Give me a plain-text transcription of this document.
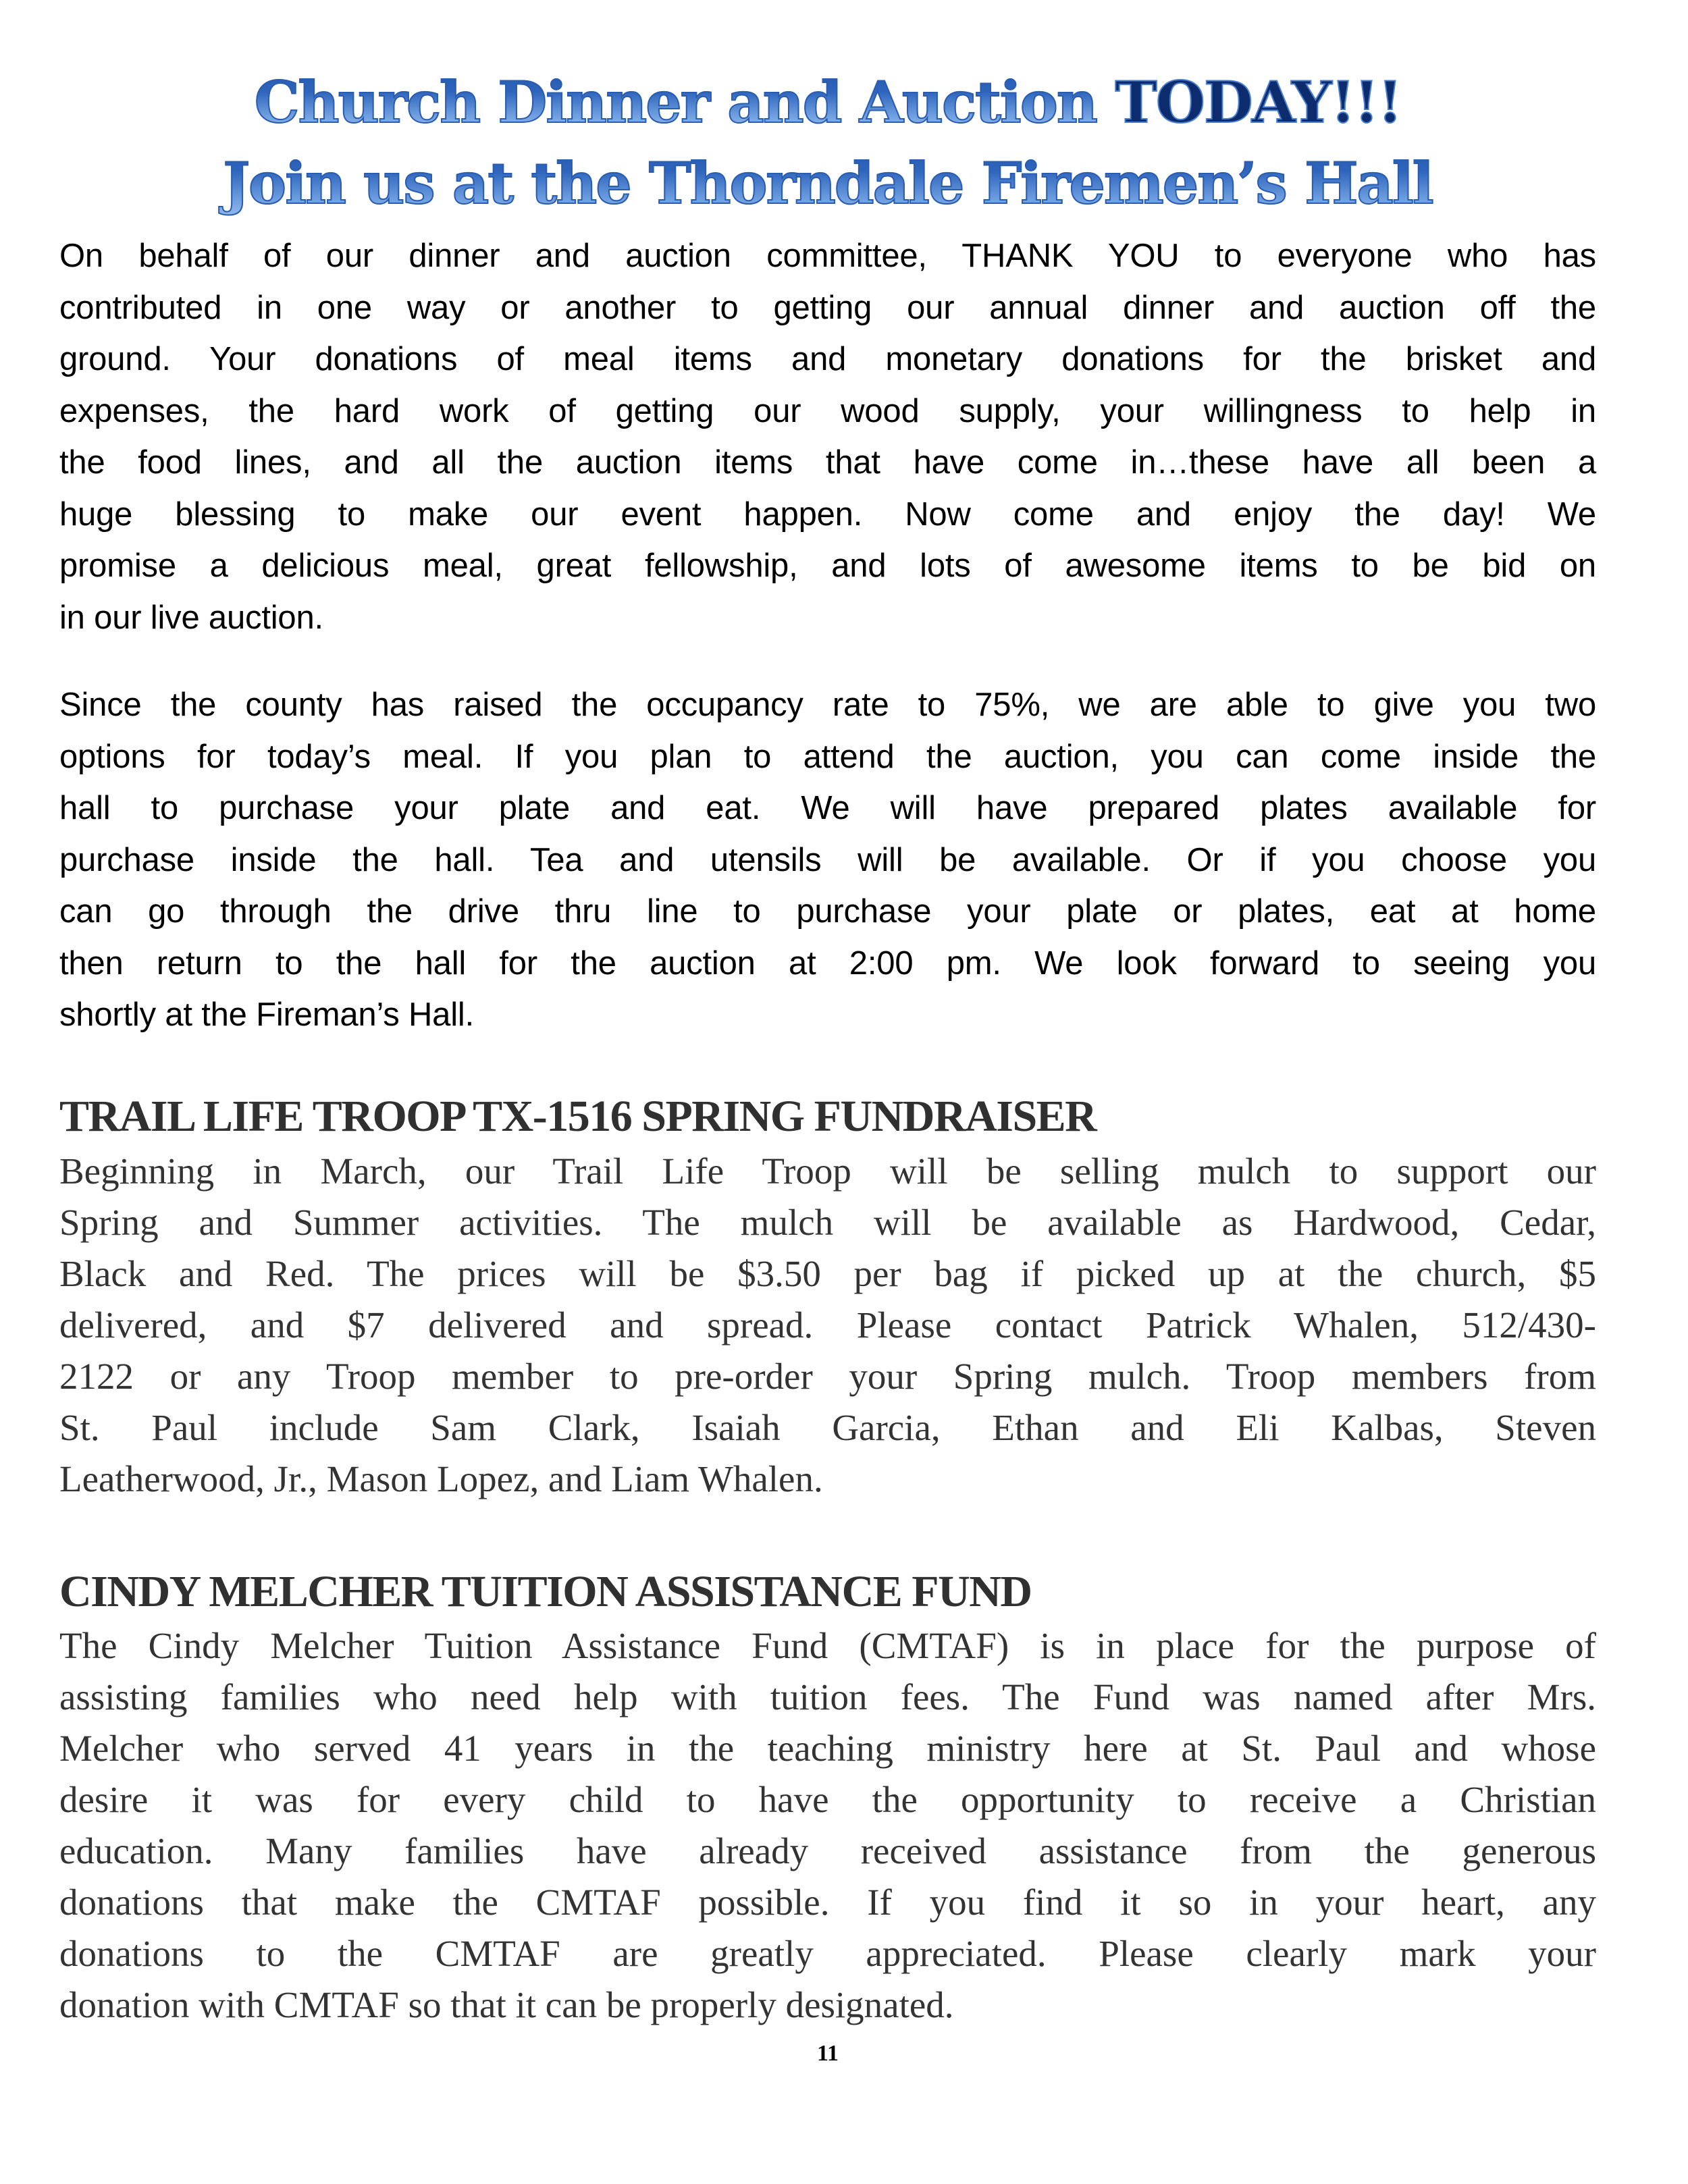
Church Dinner and Auction TODAY!!!
Join us at the Thorndale Firemen’s Hall

On behalf of our dinner and auction committee, THANK YOU to everyone who has
contributed in one way or another to getting our annual dinner and auction off the
ground. Your donations of meal items and monetary donations for the brisket and
expenses, the hard work of getting our wood supply, your willingness to help in
the food lines, and all the auction items that have come in…these have all been a
huge blessing to make our event happen. Now come and enjoy the day! We
promise a delicious meal, great fellowship, and lots of awesome items to be bid on
in our live auction.

Since the county has raised the occupancy rate to 75%, we are able to give you two
options for today’s meal. If you plan to attend the auction, you can come inside the
hall to purchase your plate and eat. We will have prepared plates available for
purchase inside the hall. Tea and utensils will be available. Or if you choose you
can go through the drive thru line to purchase your plate or plates, eat at home
then return to the hall for the auction at 2:00 pm. We look forward to seeing you
shortly at the Fireman’s Hall.

TRAIL LIFE TROOP TX-1516 SPRING FUNDRAISER

Beginning in March, our Trail Life Troop will be selling mulch to support our
Spring and Summer activities. The mulch will be available as Hardwood, Cedar,
Black and Red. The prices will be $3.50 per bag if picked up at the church, $5
delivered, and $7 delivered and spread. Please contact Patrick Whalen, 512/430-
2122 or any Troop member to pre-order your Spring mulch. Troop members from
St. Paul include Sam Clark, Isaiah Garcia, Ethan and Eli Kalbas, Steven
Leatherwood, Jr., Mason Lopez, and Liam Whalen.

CINDY MELCHER TUITION ASSISTANCE FUND

The Cindy Melcher Tuition Assistance Fund (CMTAF) is in place for the purpose of
assisting families who need help with tuition fees. The Fund was named after Mrs.
Melcher who served 41 years in the teaching ministry here at St. Paul and whose
desire it was for every child to have the opportunity to receive a Christian
education. Many families have already received assistance from the generous
donations that make the CMTAF possible. If you find it so in your heart, any
donations to the CMTAF are greatly appreciated. Please clearly mark your
donation with CMTAF so that it can be properly designated.

11
